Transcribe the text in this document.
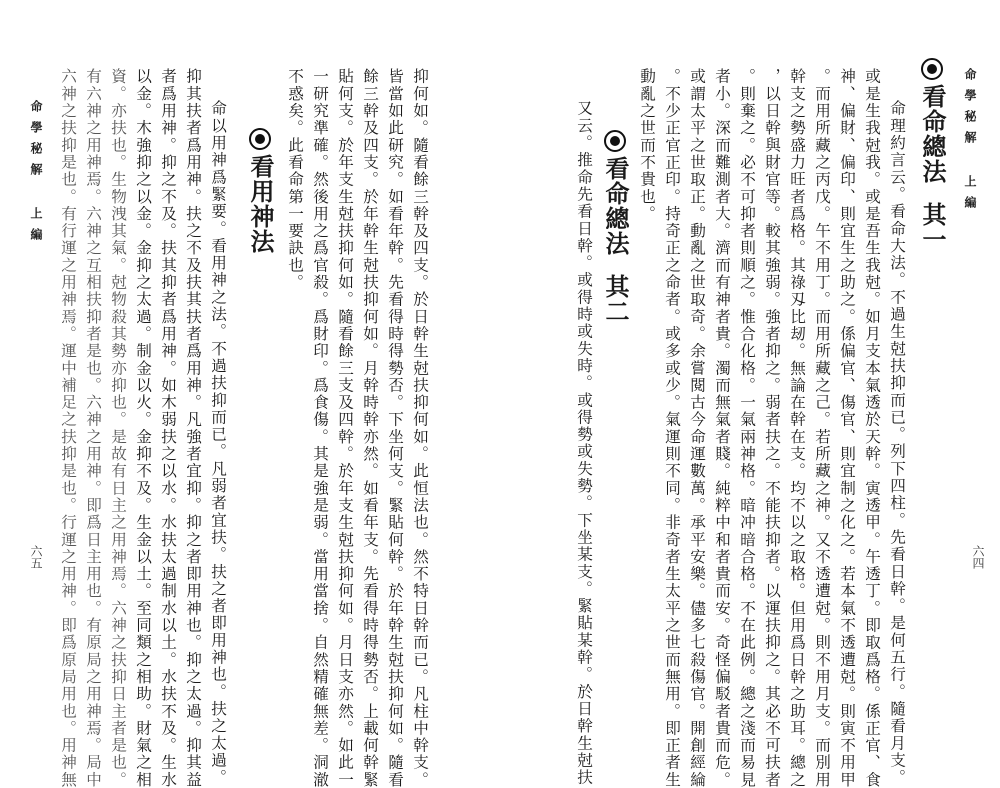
命學秘解 上編
看命總法其一
命理約言云。看命大法。不過生尅扶抑而已。列下四柱。先看日幹。是何五行。隨看月支。
或是生我尅我。或是吾生我尅。如月支本氣透於天幹。寅透甲。午透丁。即取爲格。係正官、食
神、偏財、偏印、則宜生之助之。係偏官、傷官、則宜制之化之。若本氣不透遭尅。則寅不用甲
。而用所藏之丙戊。午不用丁。而用所藏之己。若所藏之神。又不透遭尅。則不用月支。而別用
幹支之勢盛力旺者爲格。其祿刄比刼。無論在幹在支。均不以之取格。但用爲日幹之助耳。總之
，以日幹與財官等。較其強弱。強者抑之。弱者扶之。不能扶抑者。以運扶抑之。其必不可扶者
。則棄之。必不可抑者則順之。惟合化格。一氣兩神格。暗冲暗合格。不在此例。總之淺而易見
者小。深而難測者大。濟而有神者貴。濁而無氣者賤。純粹中和者貴而安。奇怪偏駁者貴而危。
或謂太平之世取正。動亂之世取奇。余嘗閱古今命運數萬。承平安樂。儘多七殺傷官。開創經綸
。不少正官正印。持奇正之命者。或多或少。氣運則不同。非奇者生太平之世而無用。即正者生
動亂之世而不貴也。
看命總法其二
又云。推命先看日幹。或得時或失時。或得勢或失勢。下坐某支。緊貼某幹。於日幹生尅扶	六四
抑何如。隨看餘三幹及四支。於日幹生尅扶抑何如。此恒法也。然不特日幹而已。凡柱中幹支。
皆當如此研究。如看年幹。先看得時得勢否。下坐何支。緊貼何幹。於年幹生尅扶抑何如。隨看
餘三幹及四支。於年幹生尅扶抑何如。月幹時幹亦然。如看年支。先看得時得勢否。上載何幹緊
貼何支。於年支生尅扶抑何如。隨看餘三支及四幹。於年支生尅扶抑何如。月日支亦然。如此一
一研究準確。然後用之爲官殺。爲財印。爲食傷。其是強是弱。當用當捨。自然精確無差。洞澈
不惑矣。此看命第一要訣也。
看用神法
命以用神爲緊要。看用神之法。不過扶抑而已。凡弱者宜扶。扶之者即用神也。扶之太過。
抑其扶者爲用神。扶之不及扶其扶者爲用神。凡強者宜抑。抑之者即用神也。抑之太過。抑其益
者爲用神。抑之不及。扶其抑者爲用神。如木弱扶之以水。水扶太過制水以土。水扶不及。生水
以金。木強抑之以金。金抑之太過。制金以火。金抑不及。生金以土。至同類之相助。財氣之相
資。亦扶也。生物洩其氣。尅物殺其勢亦抑也。是故有日主之用神焉。六神之扶抑日主者是也。
有六神之用神焉。六神之互相扶抑者是也。六神之用神。即爲日主用也。有原局之用神焉。局中
六神之扶抑是也。有行運之用神焉。運中補足之扶抑是也。行運之用神。即爲原局用也。用神無
命學秘解 上編
六五
